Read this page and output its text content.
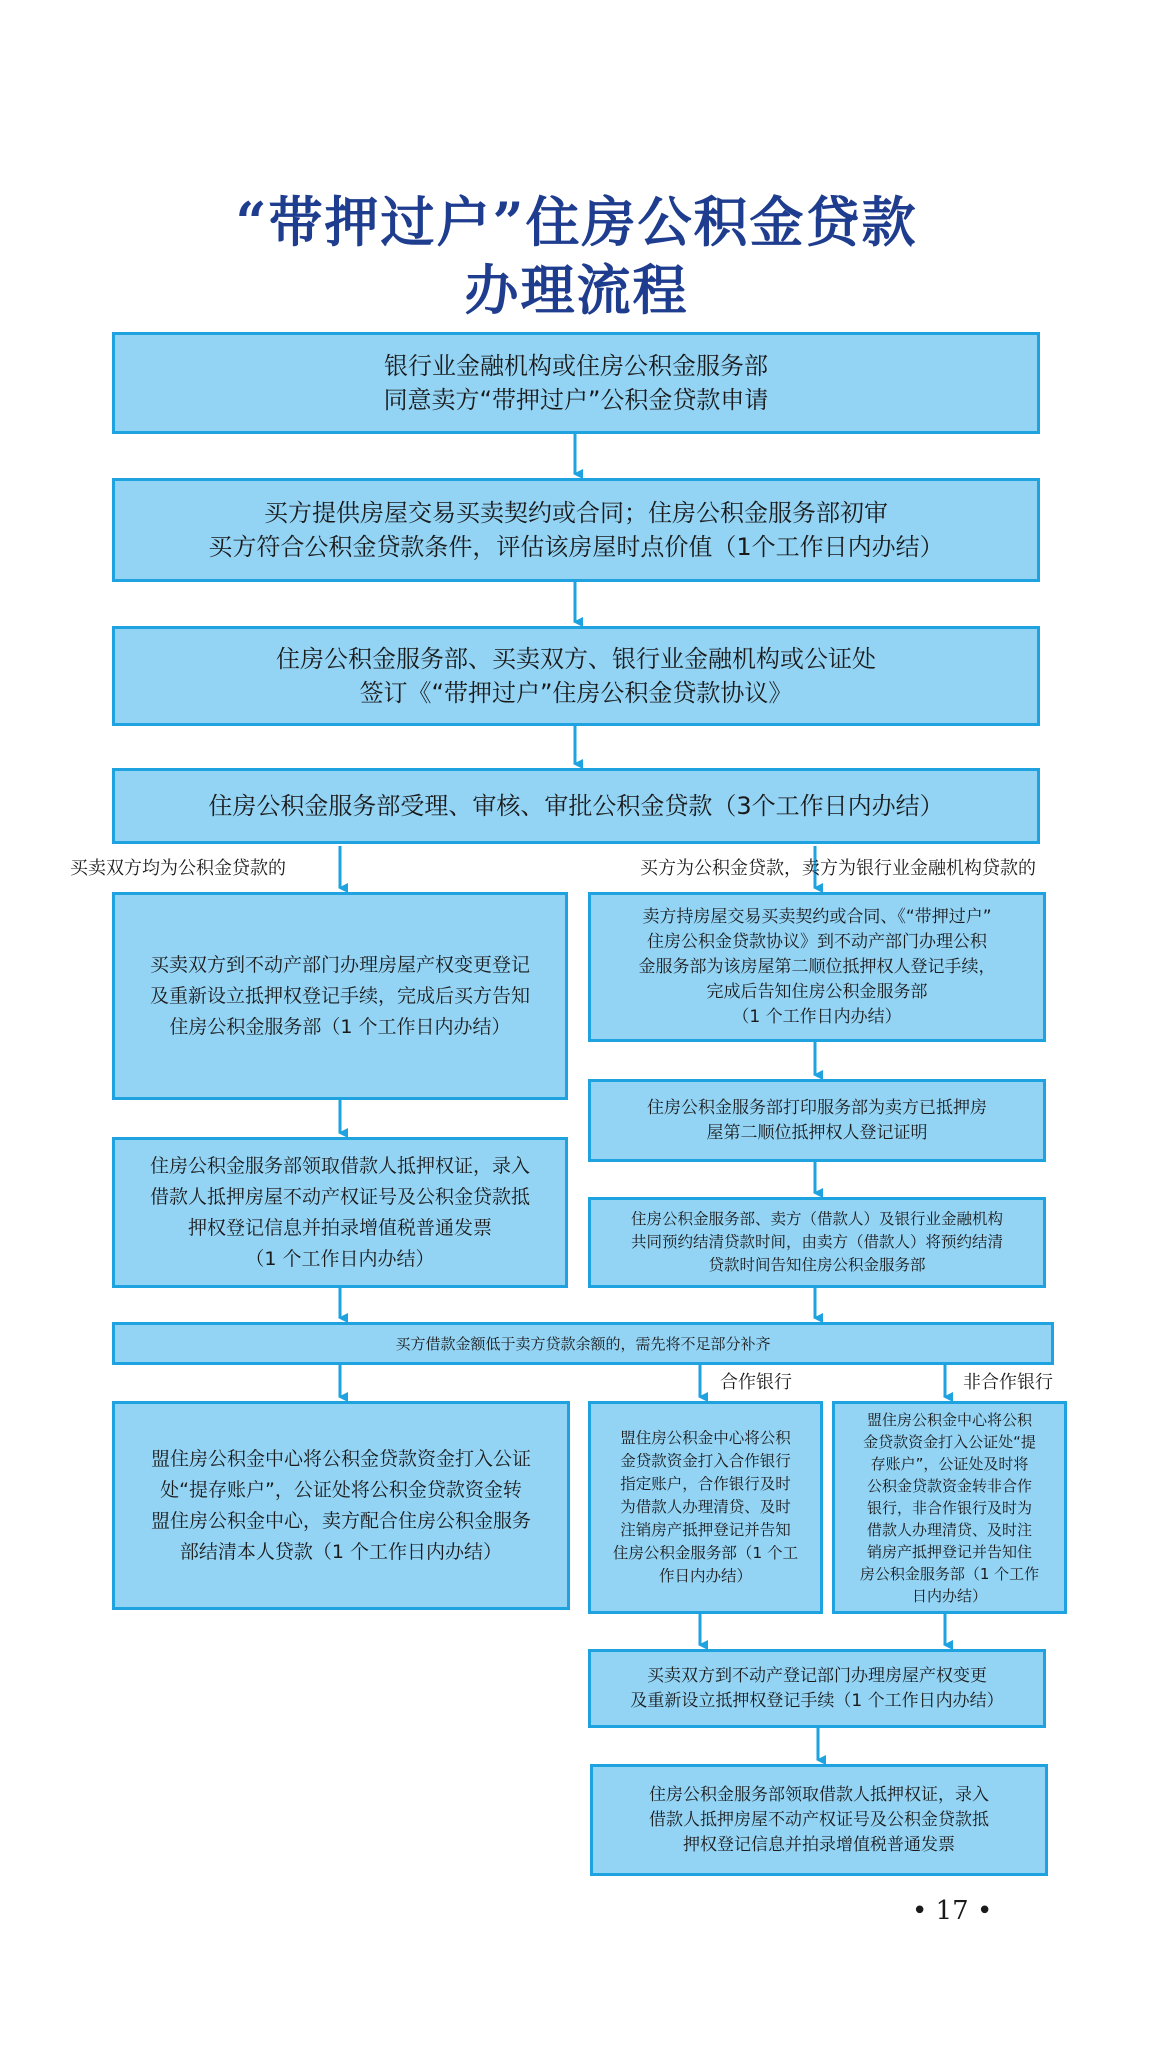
“带押过户”住房公积金贷款
办理流程
银行业金融机构或住房公积金服务部
同意卖方“带押过户”公积金贷款申请
买方提供房屋交易买卖契约或合同；住房公积金服务部初审
买方符合公积金贷款条件，评估该房屋时点价值（1个工作日内办结）
住房公积金服务部、买卖双方、银行业金融机构或公证处
签订《“带押过户”住房公积金贷款协议》
住房公积金服务部受理、审核、审批公积金贷款（3个工作日内办结）
买卖双方均为公积金贷款的	买方为公积金贷款，卖方为银行业金融机构贷款的
买卖双方到不动产部门办理房屋产权变更登记
及重新设立抵押权登记手续，完成后买方告知
住房公积金服务部（1 个工作日内办结）
住房公积金服务部领取借款人抵押权证，录入
借款人抵押房屋不动产权证号及公积金贷款抵
押权登记信息并拍录增值税普通发票
（1 个工作日内办结）
卖方持房屋交易买卖契约或合同、《“带押过户”
住房公积金贷款协议》到不动产部门办理公积
金服务部为该房屋第二顺位抵押权人登记手续，
完成后告知住房公积金服务部
（1 个工作日内办结）
住房公积金服务部打印服务部为卖方已抵押房
屋第二顺位抵押权人登记证明
住房公积金服务部、卖方（借款人）及银行业金融机构
共同预约结清贷款时间，由卖方（借款人）将预约结清
贷款时间告知住房公积金服务部
买方借款金额低于卖方贷款余额的，需先将不足部分补齐
合作银行	非合作银行
盟住房公积金中心将公积金贷款资金打入公证
处“提存账户”，公证处将公积金贷款资金转
盟住房公积金中心，卖方配合住房公积金服务
部结清本人贷款（1 个工作日内办结）
盟住房公积金中心将公积
金贷款资金打入合作银行
指定账户，合作银行及时
为借款人办理清贷、及时
注销房产抵押登记并告知
住房公积金服务部（1 个工
作日内办结）
盟住房公积金中心将公积
金贷款资金打入公证处“提
存账户”，公证处及时将
公积金贷款资金转非合作
银行，非合作银行及时为
借款人办理清贷、及时注
销房产抵押登记并告知住
房公积金服务部（1 个工作
日内办结）
买卖双方到不动产登记部门办理房屋产权变更
及重新设立抵押权登记手续（1 个工作日内办结）
住房公积金服务部领取借款人抵押权证，录入
借款人抵押房屋不动产权证号及公积金贷款抵
押权登记信息并拍录增值税普通发票
• 17 •
